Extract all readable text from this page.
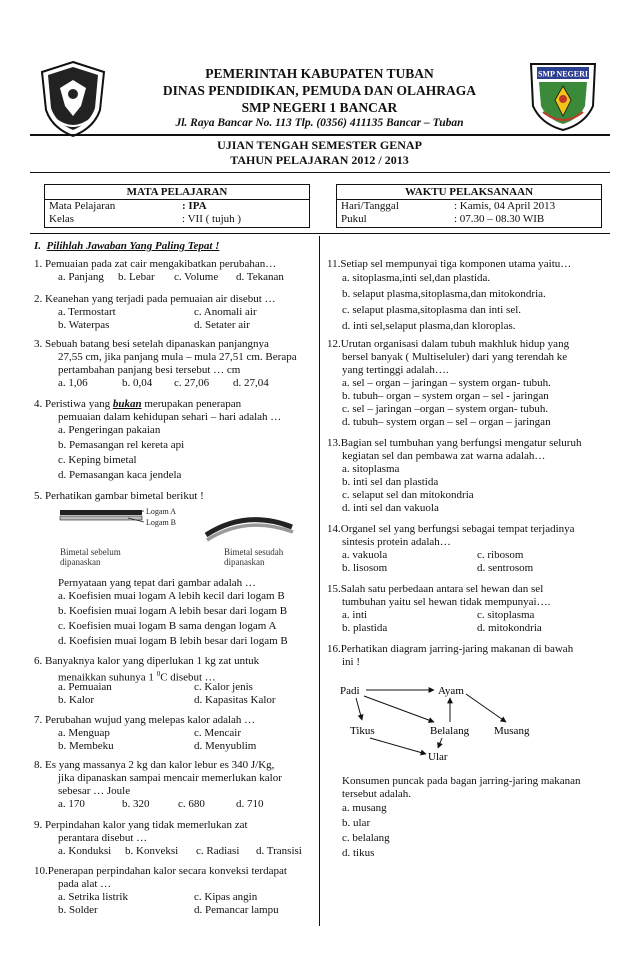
PEMERINTAH KABUPATEN TUBAN
DINAS PENDIDIKAN, PEMUDA DAN OLAHRAGA
SMP NEGERI 1 BANCAR
Jl. Raya Bancar No. 113 Tlp. (0356) 411135 Bancar – Tuban
SMP NEGERI
UJIAN TENGAH SEMESTER GENAP
TAHUN PELAJARAN 2012 / 2013
MATA PELAJARAN
Mata Pelajaran	: IPA
Kelas	: VII ( tujuh )
WAKTU PELAKSANAAN
Hari/Tanggal	: Kamis, 04 April 2013
Pukul	: 07.30 – 08.30 WIB
I. Pilihlah Jawaban Yang Paling Tepat !
1. Pemuaian pada zat cair mengakibatkan perubahan…
a. Panjang b. Lebar c. Volume d. Tekanan
2. Keanehan yang terjadi pada pemuaian air disebut …
a. Termostart	c. Anomali air
b. Waterpas	d. Setater air
3. Sebuah batang besi setelah dipanaskan panjangnya
27,55 cm, jika panjang mula – mula 27,51 cm. Berapa
pertambahan panjang besi tersebut … cm
a. 1,06	b. 0,04 c. 27,06 d. 27,04
4. Peristiwa yang bukan merupakan penerapan
pemuaian dalam kehidupan sehari – hari adalah …
a. Pengeringan pakaian
b. Pemasangan rel kereta api
c. Keping bimetal
d. Pemasangan kaca jendela
5. Perhatikan gambar bimetal berikut !
Logam A
Logam B
Bimetal sebelum
dipanaskan
Bimetal sesudah
dipanaskan
Pernyataan yang tepat dari gambar adalah …
a. Koefisien muai logam A lebih kecil dari logam B
b. Koefisien muai logam A lebih besar dari logam B
c. Koefisien muai logam B sama dengan logam A
d. Koefisien muai logam B lebih besar dari logam B
6. Banyaknya kalor yang diperlukan 1 kg zat untuk
menaikkan suhunya 1 $^0$C disebut …
a. Pemuaian	c. Kalor jenis
b. Kalor	d. Kapasitas Kalor
7. Perubahan wujud yang melepas kalor adalah …
a. Menguap	c. Mencair
b. Membeku	d. Menyublim
8. Es yang massanya 2 kg dan kalor lebur es 340 J/Kg,
jika dipanaskan sampai mencair memerlukan kalor
sebesar … Joule
a. 170	b. 320	c. 680	d. 710
9. Perpindahan kalor yang tidak memerlukan zat
perantara disebut …
a. Konduksi b. Konveksi c. Radiasi d. Transisi
10.Penerapan perpindahan kalor secara konveksi terdapat
pada alat …
a. Setrika listrik	c. Kipas angin
b. Solder	d. Pemancar lampu
11.Setiap sel mempunyai tiga komponen utama yaitu…
a. sitoplasma,inti sel,dan plastida.
b. selaput plasma,sitoplasma,dan mitokondria.
c. selaput plasma,sitoplasma dan inti sel.
d. inti sel,selaput plasma,dan kloroplas.
12.Urutan organisasi dalam tubuh makhluk hidup yang
bersel banyak ( Multiseluler) dari yang terendah ke
yang tertinggi adalah….
a. sel – organ – jaringan – system organ- tubuh.
b. tubuh– organ – system organ – sel - jaringan
c. sel – jaringan –organ – system organ- tubuh.
d. tubuh– system organ – sel – organ – jaringan
13.Bagian sel tumbuhan yang berfungsi mengatur seluruh
kegiatan sel dan pembawa zat warna adalah…
a. sitoplasma
b. inti sel dan plastida
c. selaput sel dan mitokondria
d. inti sel dan vakuola
14.Organel sel yang berfungsi sebagai tempat terjadinya
sintesis protein adalah…
a. vakuola	c. ribosom
b. lisosom	d. sentrosom
15.Salah satu perbedaan antara sel hewan dan sel
tumbuhan yaitu sel hewan tidak mempunyai….
a. inti	c. sitoplasma
b. plastida	d. mitokondria
16.Perhatikan diagram jarring-jaring makanan di bawah
ini !
Padi	Ayam
Tikus	Belalang Musang
Ular
Konsumen puncak pada bagan jarring-jaring makanan
tersebut adalah.
a. musang
b. ular
c. belalang
d. tikus
